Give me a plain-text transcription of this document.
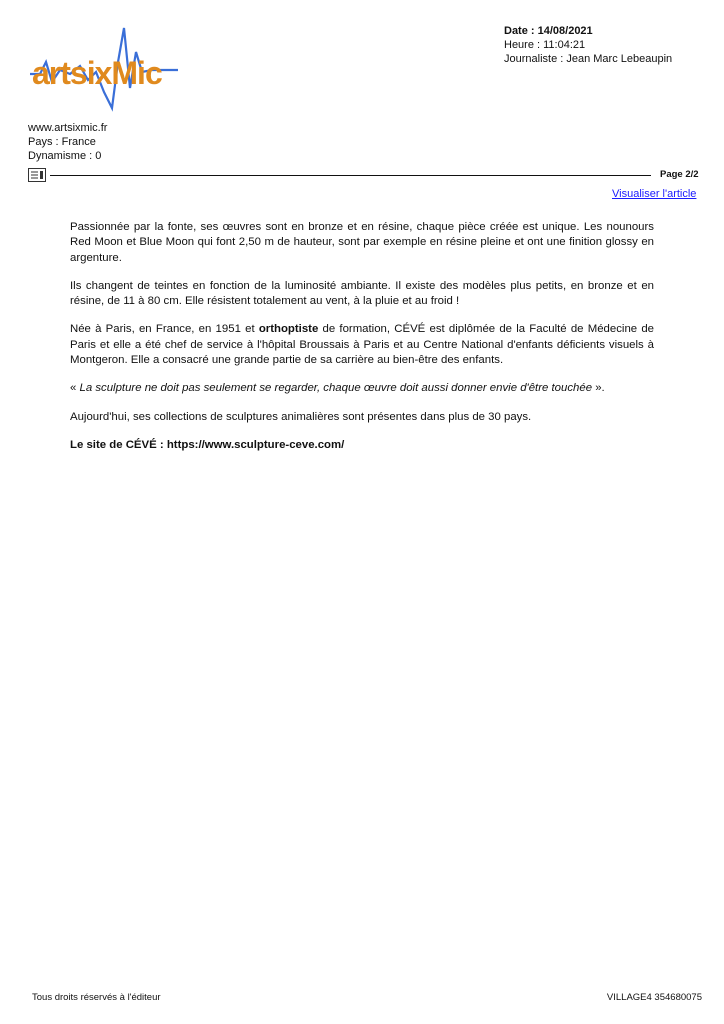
artsixMic
Date : 14/08/2021
Heure : 11:04:21
Journaliste : Jean Marc Lebeaupin
www.artsixmic.fr
Pays : France
Dynamisme : 0
Page 2/2
Visualiser l'article

Passionnée par la fonte, ses œuvres sont en bronze et en résine, chaque pièce créée est unique. Les nounours Red Moon et Blue Moon qui font 2,50 m de hauteur, sont par exemple en résine pleine et ont une finition glossy en argenture.

Ils changent de teintes en fonction de la luminosité ambiante. Il existe des modèles plus petits, en bronze et en résine, de 11 à 80 cm. Elle résistent totalement au vent, à la pluie et au froid !

Née à Paris, en France, en 1951 et orthoptiste de formation, CÉVÉ est diplômée de la Faculté de Médecine de Paris et elle a été chef de service à l'hôpital Broussais à Paris et au Centre National d'enfants déficients visuels à Montgeron. Elle a consacré une grande partie de sa carrière au bien-être des enfants.

« La sculpture ne doit pas seulement se regarder, chaque œuvre doit aussi donner envie d'être touchée ».

Aujourd'hui, ses collections de sculptures animalières sont présentes dans plus de 30 pays.

Le site de CÉVÉ : https://www.sculpture-ceve.com/

Tous droits réservés à l'éditeur	VILLAGE4 354680075
